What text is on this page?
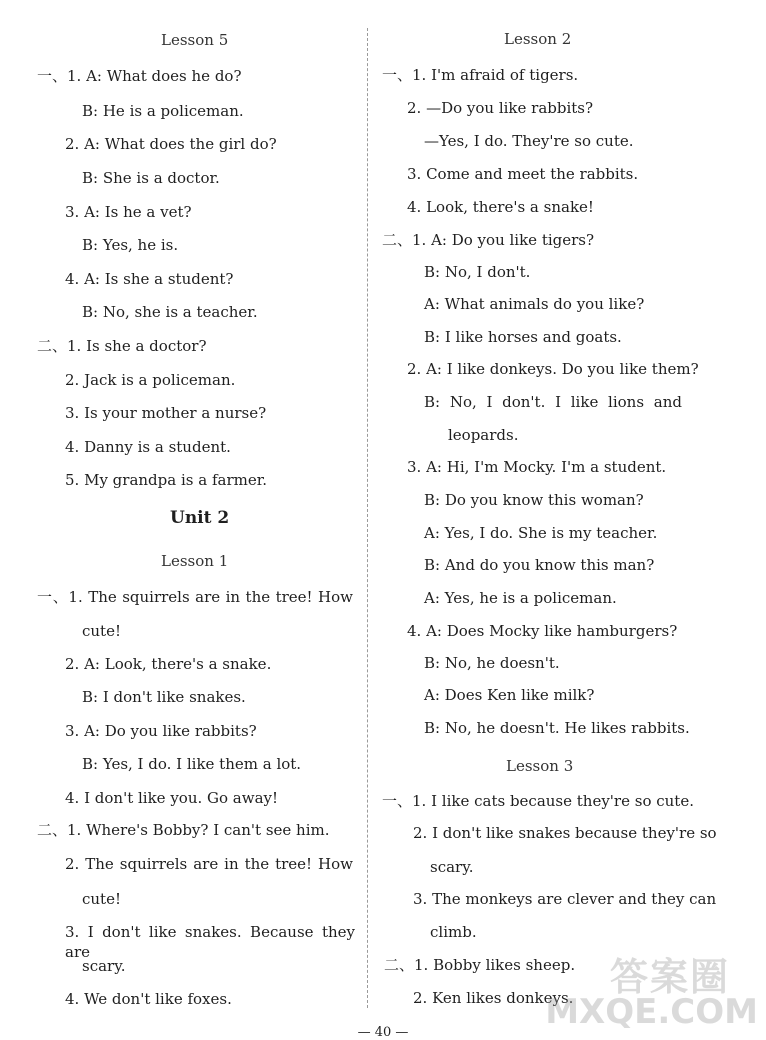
Lesson 5
一、1. A: What does he do?
B: He is a policeman.
2. A: What does the girl do?
B: She is a doctor.
3. A: Is he a vet?
B: Yes, he is.
4. A: Is she a student?
B: No, she is a teacher.
二、1. Is she a doctor?
2. Jack is a policeman.
3. Is your mother a nurse?
4. Danny is a student.
5. My grandpa is a farmer.
Unit 2
Lesson 1
一、1. The squirrels are in the tree! How
cute!
2. A: Look, there's a snake.
B: I don't like snakes.
3. A: Do you like rabbits?
B: Yes, I do. I like them a lot.
4. I don't like you. Go away!
二、1. Where's Bobby? I can't see him.
2. The squirrels are in the tree! How
cute!
3. I don't like snakes. Because they are
scary.
4. We don't like foxes.
Lesson 2
一、1. I'm afraid of tigers.
2. —Do you like rabbits?
—Yes, I do. They're so cute.
3. Come and meet the rabbits.
4. Look, there's a snake!
二、1. A: Do you like tigers?
B: No, I don't.
A: What animals do you like?
B: I like horses and goats.
2. A: I like donkeys. Do you like them?
B: No, I don't. I like lions and
leopards.
3. A: Hi, I'm Mocky. I'm a student.
B: Do you know this woman?
A: Yes, I do. She is my teacher.
B: And do you know this man?
A: Yes, he is a policeman.
4. A: Does Mocky like hamburgers?
B: No, he doesn't.
A: Does Ken like milk?
B: No, he doesn't. He likes rabbits.
Lesson 3
一、1. I like cats because they're so cute.
2. I don't like snakes because they're so
scary.
3. The monkeys are clever and they can
climb.
二、1. Bobby likes sheep.
2. Ken likes donkeys. 答案圈
MXQE.COM
— 40 —
